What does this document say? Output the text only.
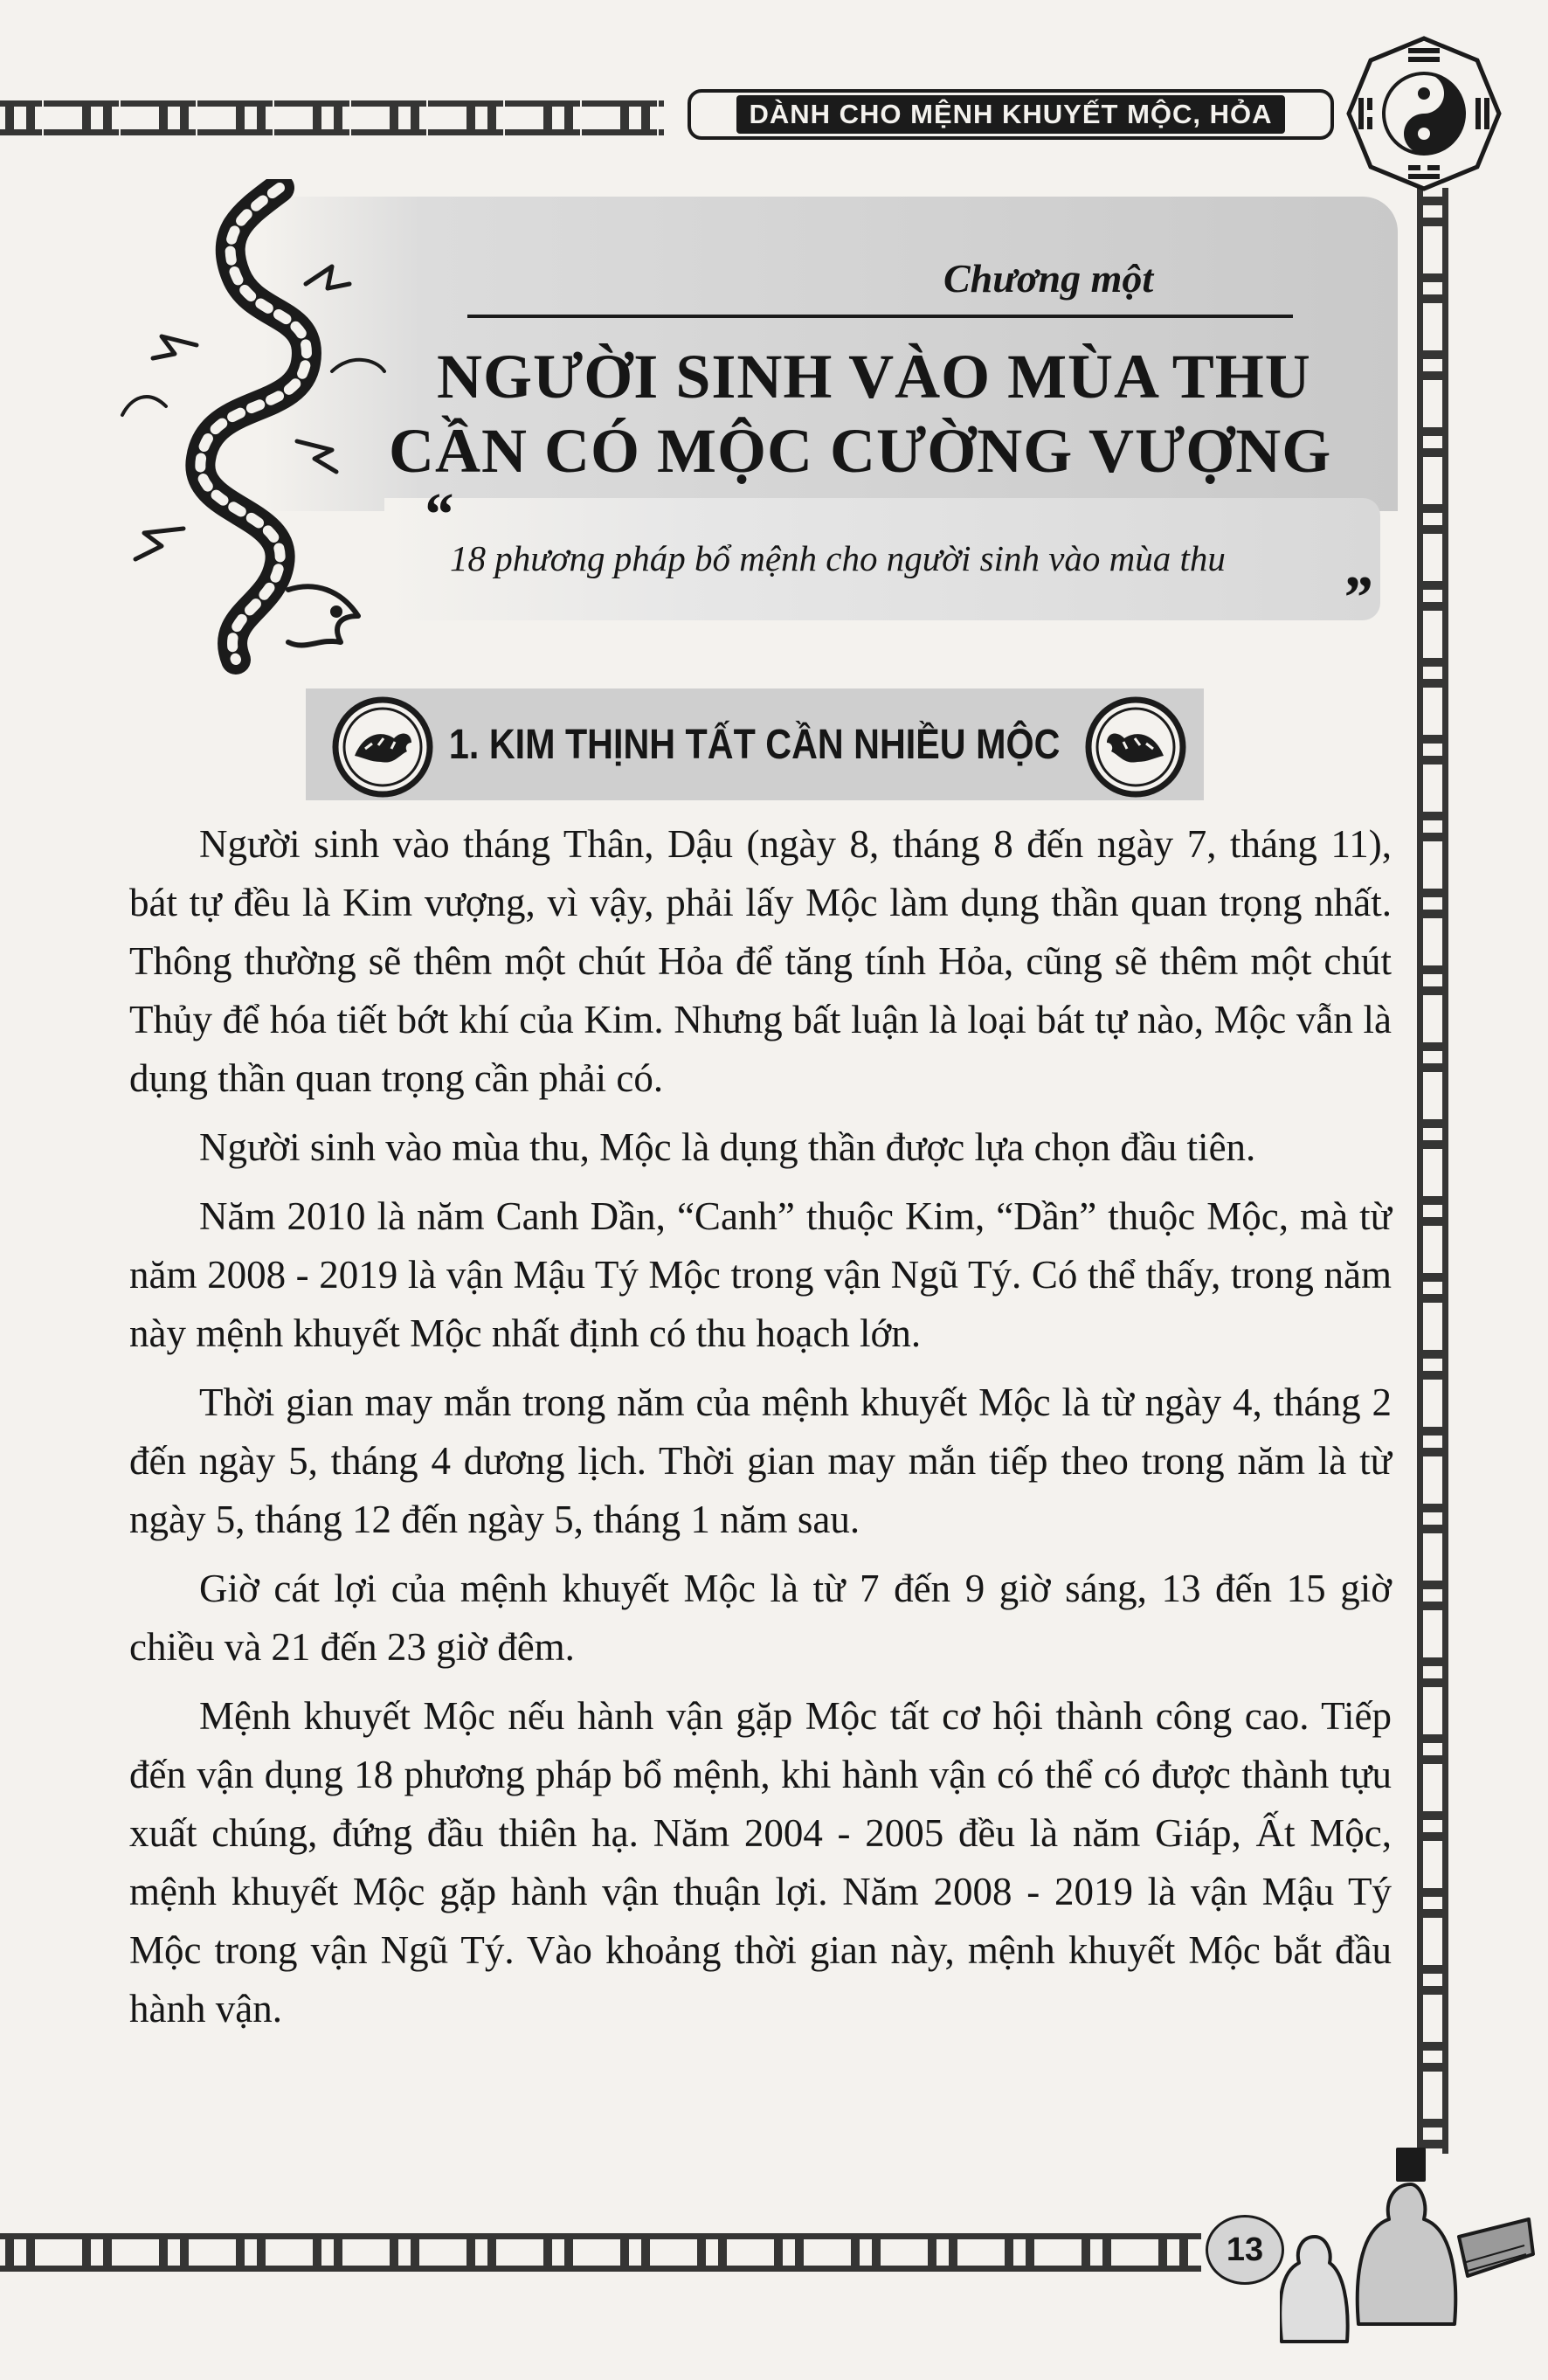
DÀNH CHO MỆNH KHUYẾT MỘC, HỎA
Chương một
NGƯỜI SINH VÀO MÙA THU
CẦN CÓ MỘC CƯỜNG VƯỢNG
“
18 phương pháp bổ mệnh cho người sinh vào mùa thu
”
1. KIM THỊNH TẤT CẦN NHIỀU MỘC

Người sinh vào tháng Thân, Dậu (ngày 8, tháng 8 đến ngày 7, tháng 11), bát tự đều là Kim vượng, vì vậy, phải lấy Mộc làm dụng thần quan trọng nhất. Thông thường sẽ thêm một chút Hỏa để tăng tính Hỏa, cũng sẽ thêm một chút Thủy để hóa tiết bớt khí của Kim. Nhưng bất luận là loại bát tự nào, Mộc vẫn là dụng thần quan trọng cần phải có.

Người sinh vào mùa thu, Mộc là dụng thần được lựa chọn đầu tiên.

Năm 2010 là năm Canh Dần, “Canh” thuộc Kim, “Dần” thuộc Mộc, mà từ năm 2008 - 2019 là vận Mậu Tý Mộc trong vận Ngũ Tý. Có thể thấy, trong năm này mệnh khuyết Mộc nhất định có thu hoạch lớn.

Thời gian may mắn trong năm của mệnh khuyết Mộc là từ ngày 4, tháng 2 đến ngày 5, tháng 4 dương lịch. Thời gian may mắn tiếp theo trong năm là từ ngày 5, tháng 12 đến ngày 5, tháng 1 năm sau.

Giờ cát lợi của mệnh khuyết Mộc là từ 7 đến 9 giờ sáng, 13 đến 15 giờ chiều và 21 đến 23 giờ đêm.

Mệnh khuyết Mộc nếu hành vận gặp Mộc tất cơ hội thành công cao. Tiếp đến vận dụng 18 phương pháp bổ mệnh, khi hành vận có thể có được thành tựu xuất chúng, đứng đầu thiên hạ. Năm 2004 - 2005 đều là năm Giáp, Ất Mộc, mệnh khuyết Mộc gặp hành vận thuận lợi. Năm 2008 - 2019 là vận Mậu Tý Mộc trong vận Ngũ Tý. Vào khoảng thời gian này, mệnh khuyết Mộc bắt đầu hành vận.

13
